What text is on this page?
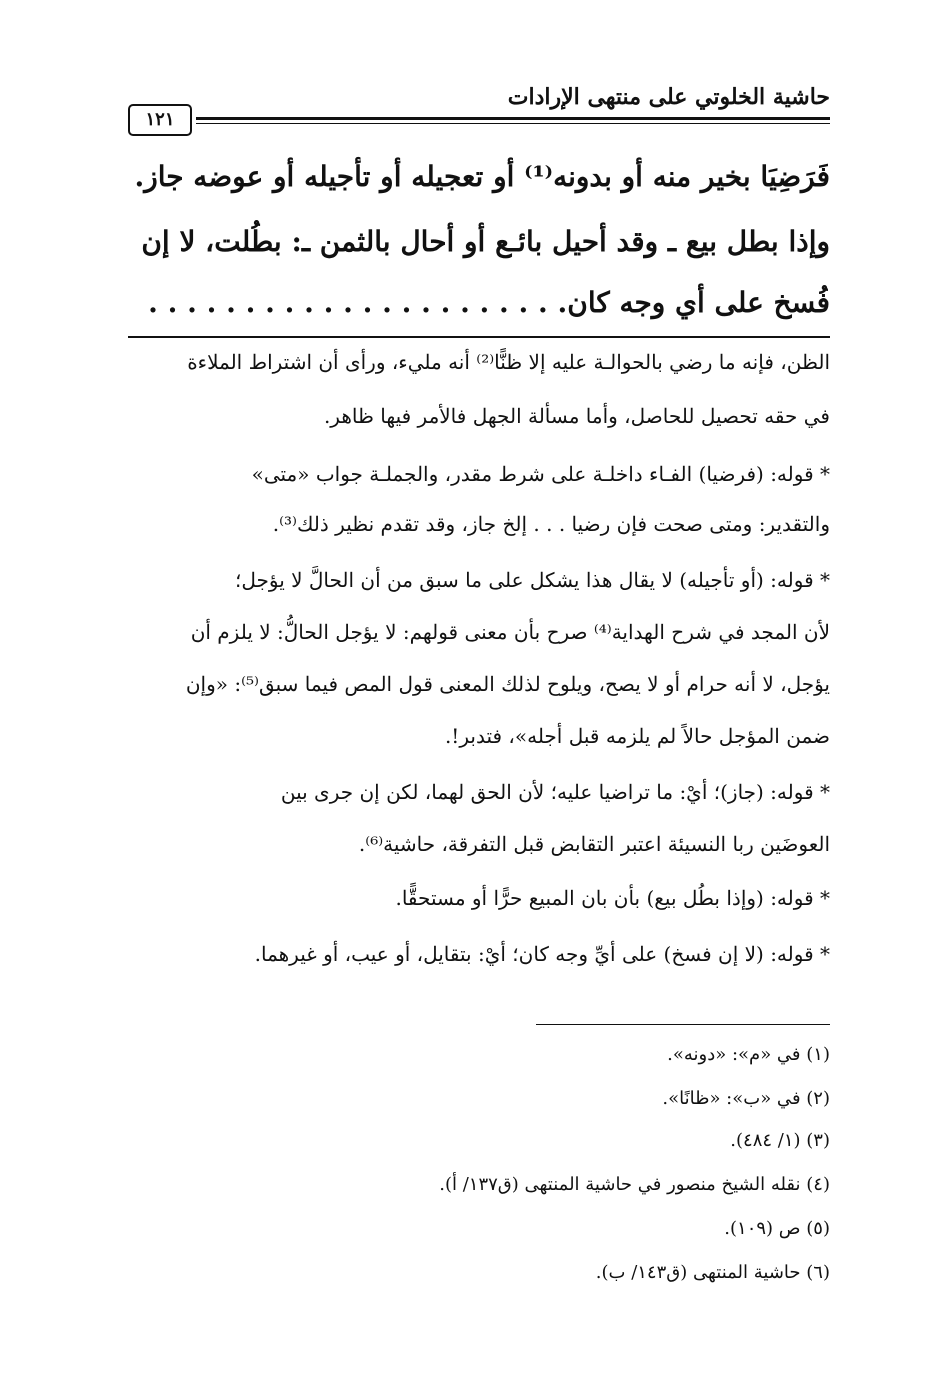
حاشية الخلوتي على منتهى الإرادات
١٢١
فَرَضِيَا بخير منه أو بدونه⁽¹⁾ أو تعجيله أو تأجيله أو عوضه جاز.
وإذا بطل بيع ـ وقد أحيل بائـع أو أحال بالثمن ـ: بطُلت، لا إن
فُسخ على أي وجه كان. . . . . . . . . . . . . . . . . . . . . .
الظن، فإنه ما رضي بالحوالـة عليه إلا ظنًّا⁽²⁾ أنه مليء، ورأى أن اشتراط الملاءة
في حقه تحصيل للحاصل، وأما مسألة الجهل فالأمر فيها ظاهر.
* قوله: (فرضيا) الفـاء داخلـة على شرط مقدر، والجملـة جواب «متى»
والتقدير: ومتى صحت فإن رضيا . . . إلخ جاز، وقد تقدم نظير ذلك⁽³⁾.
* قوله: (أو تأجيله) لا يقال هذا يشكل على ما سبق من أن الحالَّ لا يؤجل؛
لأن المجد في شرح الهداية⁽⁴⁾ صرح بأن معنى قولهم: لا يؤجل الحالُّ: لا يلزم أن
يؤجل، لا أنه حرام أو لا يصح، ويلوح لذلك المعنى قول المص فيما سبق⁽⁵⁾: «وإن
ضمن المؤجل حالاً لم يلزمه قبل أجله»، فتدبر!.
* قوله: (جاز)؛ أيْ: ما تراضيا عليه؛ لأن الحق لهما، لكن إن جرى بين
العوضَين ربا النسيئة اعتبر التقابض قبل التفرقة، حاشية⁽⁶⁾.
* قوله: (وإذا بطُل بيع) بأن بان المبيع حرًّا أو مستحقًّا.
* قوله: (لا إن فسخ) على أيِّ وجه كان؛ أيْ: بتقايل، أو عيب، أو غيرهما.
(١) في «م»: «دونه».
(٢) في «ب»: «ظانًا».
(٣) (١/ ٤٨٤).
(٤) نقله الشيخ منصور في حاشية المنتهى (ق١٣٧/ أ).
(٥) ص (١٠٩).
(٦) حاشية المنتهى (ق١٤٣/ ب).
